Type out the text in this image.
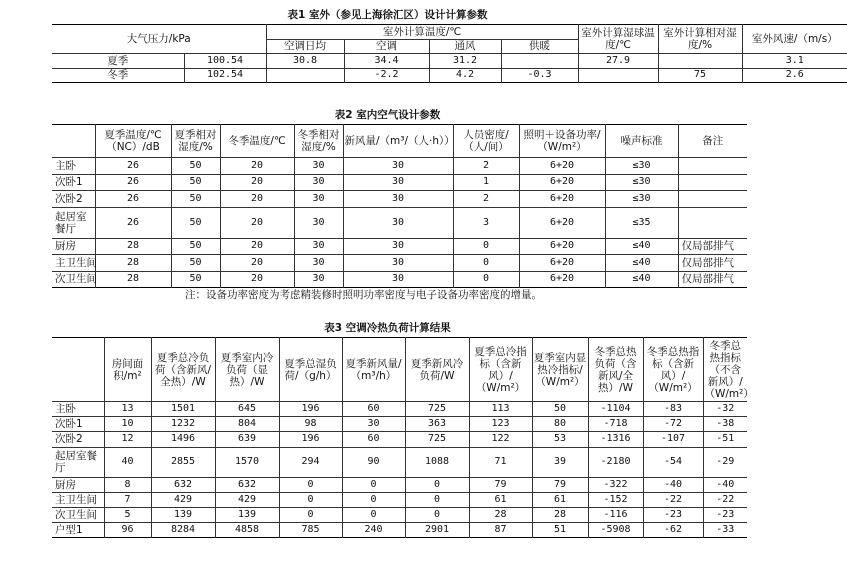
表1 室外（参见上海徐汇区）设计计算参数
大气压力/kPa		室外计算温度/℃				室外计算湿球温度/℃	室外计算相对湿度/%	室外风速/（m/s）
		空调日均	空调	通风	供暖			
夏季	100.54	30.8	34.4	31.2		27.9		3.1
冬季	102.54		-2.2	4.2	-0.3		75	2.6
表2 室内空气设计参数
	夏季温度/℃（NC）/dB	夏季相对湿度/%	冬季温度/℃	冬季相对湿度/%	新风量/（m³/（人·h））	人员密度/（人/间）	照明＋设备功率/（W/m²）	噪声标准	备注
主卧	26	50	20	30	30	2	6+20	≤30	
次卧1	26	50	20	30	30	1	6+20	≤30	
次卧2	26	50	20	30	30	2	6+20	≤30	
起居室餐厅	26	50	20	30	30	3	6+20	≤35	
厨房	28	50	20	30	30	0	6+20	≤40	仅局部排气
主卫生间	28	50	20	30	30	0	6+20	≤40	仅局部排气
次卫生间	28	50	20	30	30	0	6+20	≤40	仅局部排气
注：设备功率密度为考虑精装修时照明功率密度与电子设备功率密度的增量。
表3 空调冷热负荷计算结果
	房间面积/m²	夏季总冷负荷（含新风/全热）/W	夏季室内冷负荷（显热）/W	夏季总湿负荷/（g/h）	夏季新风量/（m³/h）	夏季新风冷负荷/W	夏季总冷指标（含新风）/（W/m²）	夏季室内显热冷指标/（W/m²）	冬季总热负荷（含新风/全热）/W	冬季总热指标（含新风）/（W/m²）	冬季总热指标（不含新风）/（W/m²）
主卧	13	1501	645	196	60	725	113	50	-1104	-83	-32
次卧1	10	1232	804	98	30	363	123	80	-718	-72	-38
次卧2	12	1496	639	196	60	725	122	53	-1316	-107	-51
起居室餐厅	40	2855	1570	294	90	1088	71	39	-2180	-54	-29
厨房	8	632	632	0	0	0	79	79	-322	-40	-40
主卫生间	7	429	429	0	0	0	61	61	-152	-22	-22
次卫生间	5	139	139	0	0	0	28	28	-116	-23	-23
户型1	96	8284	4858	785	240	2901	87	51	-5908	-62	-33
